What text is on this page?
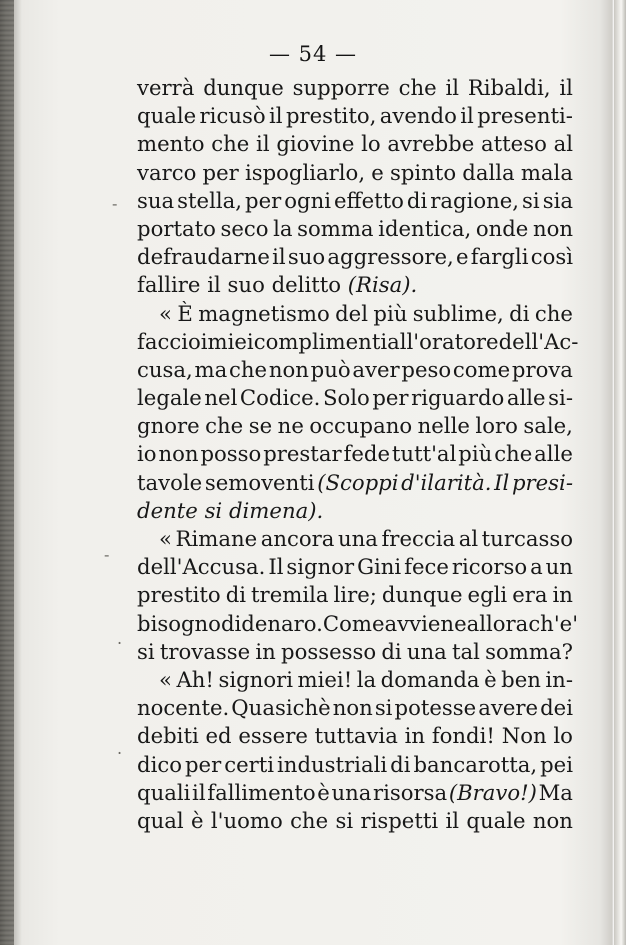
— 54 —
-
-
.
.
verrà dunque supporre che il Ribaldi, il
quale ricusò il prestito, avendo il presenti-
mento che il giovine lo avrebbe atteso al
varco per ispogliarlo, e spinto dalla mala
sua stella, per ogni effetto di ragione, si sia
portato seco la somma identica, onde non
defraudarne il suo aggressore, e fargli così
fallire
il
suo
delitto
(Risa).
« È magnetismo del più sublime, di che
faccio i miei complimenti all'oratore dell'Ac-
cusa, ma che non può aver peso come prova
legale nel Codice. Solo per riguardo alle si-
gnore che se ne occupano nelle loro sale,
io non posso prestar fede tutt'al più che alle
tavole semoventi (Scoppi d'ilarità. Il presi-
dente
si
dimena).
« Rimane ancora una freccia al turcasso
dell'Accusa. Il signor Gini fece ricorso a un
prestito di tremila lire; dunque egli era in
bisogno di denaro. Come avviene allora ch'e'
si trovasse in possesso di una tal somma?
« Ah! signori miei! la domanda è ben in-
nocente. Quasichè non si potesse avere dei
debiti ed essere tuttavia in fondi! Non lo
dico per certi industriali di bancarotta, pei
quali il fallimento è una risorsa (Bravo!) Ma
qual è l'uomo che si rispetti il quale non
